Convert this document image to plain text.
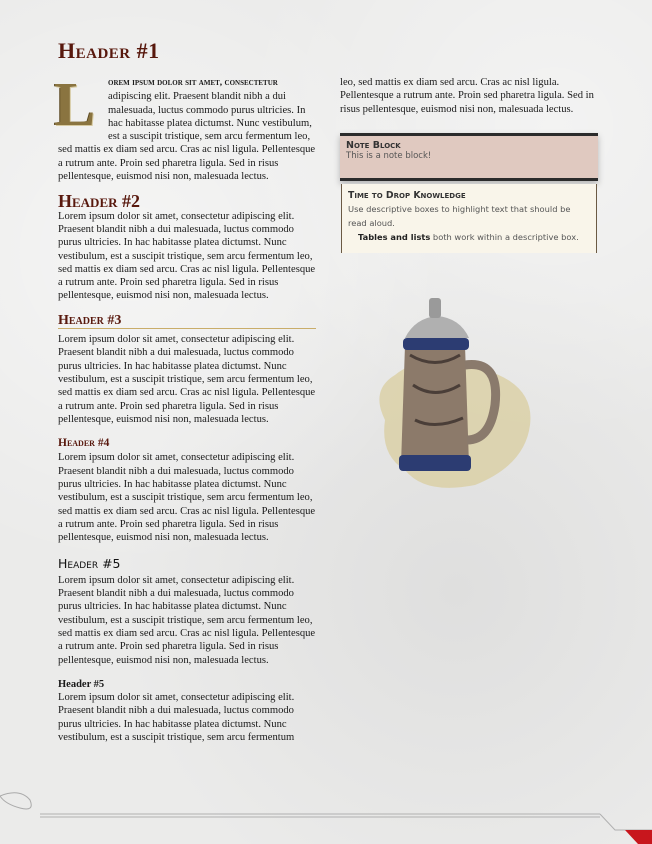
Header #1

L	orem ipsum dolor sit amet, consectetur adipiscing elit. Praesent blandit nibh a dui malesuada, luctus commodo purus ultricies. In hac habitasse platea dictumst. Nunc vestibulum, est a suscipit tristique, sem arcu fermentum leo, sed mattis ex diam sed arcu. Cras ac nisl ligula. Pellentesque a rutrum ante. Proin sed pharetra ligula. Sed in risus pellentesque, euismod nisi non, malesuada lectus.

Header #2

Lorem ipsum dolor sit amet, consectetur adipiscing elit. Praesent blandit nibh a dui malesuada, luctus commodo purus ultricies. In hac habitasse platea dictumst. Nunc vestibulum, est a suscipit tristique, sem arcu fermentum leo, sed mattis ex diam sed arcu. Cras ac nisl ligula. Pellentesque a rutrum ante. Proin sed pharetra ligula. Sed in risus pellentesque, euismod nisi non, malesuada lectus.

Header #3

Lorem ipsum dolor sit amet, consectetur adipiscing elit. Praesent blandit nibh a dui malesuada, luctus commodo purus ultricies. In hac habitasse platea dictumst. Nunc vestibulum, est a suscipit tristique, sem arcu fermentum leo, sed mattis ex diam sed arcu. Cras ac nisl ligula. Pellentesque a rutrum ante. Proin sed pharetra ligula. Sed in risus pellentesque, euismod nisi non, malesuada lectus.

Header #4

Lorem ipsum dolor sit amet, consectetur adipiscing elit. Praesent blandit nibh a dui malesuada, luctus commodo purus ultricies. In hac habitasse platea dictumst. Nunc vestibulum, est a suscipit tristique, sem arcu fermentum leo, sed mattis ex diam sed arcu. Cras ac nisl ligula. Pellentesque a rutrum ante. Proin sed pharetra ligula. Sed in risus pellentesque, euismod nisi non, malesuada lectus.

Header #5

Lorem ipsum dolor sit amet, consectetur adipiscing elit. Praesent blandit nibh a dui malesuada, luctus commodo purus ultricies. In hac habitasse platea dictumst. Nunc vestibulum, est a suscipit tristique, sem arcu fermentum leo, sed mattis ex diam sed arcu. Cras ac nisl ligula. Pellentesque a rutrum ante. Proin sed pharetra ligula. Sed in risus pellentesque, euismod nisi non, malesuada lectus.

Header #5

Lorem ipsum dolor sit amet, consectetur adipiscing elit. Praesent blandit nibh a dui malesuada, luctus commodo purus ultricies. In hac habitasse platea dictumst. Nunc vestibulum, est a suscipit tristique, sem arcu fermentum

leo, sed mattis ex diam sed arcu. Cras ac nisl ligula. Pellentesque a rutrum ante. Proin sed pharetra ligula. Sed in risus pellentesque, euismod nisi non, malesuada lectus.

Note Block
This is a note block!
Time to Drop Knowledge
Use descriptive boxes to highlight text that should be read aloud.
Tables and lists both work within a descriptive box.
